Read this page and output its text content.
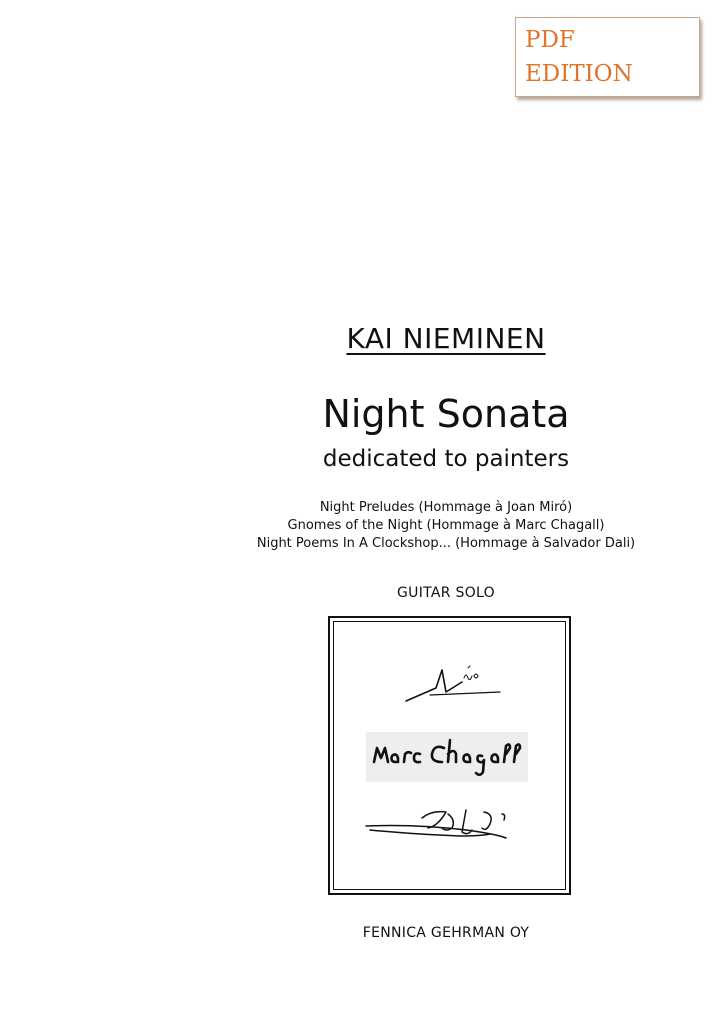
PDF
EDITION
KAI NIEMINEN
Night Sonata
dedicated to painters
Night Preludes (Hommage à Joan Miró)
Gnomes of the Night (Hommage à Marc Chagall)
Night Poems In A Clockshop... (Hommage à Salvador Dali)
GUITAR SOLO
FENNICA GEHRMAN OY
